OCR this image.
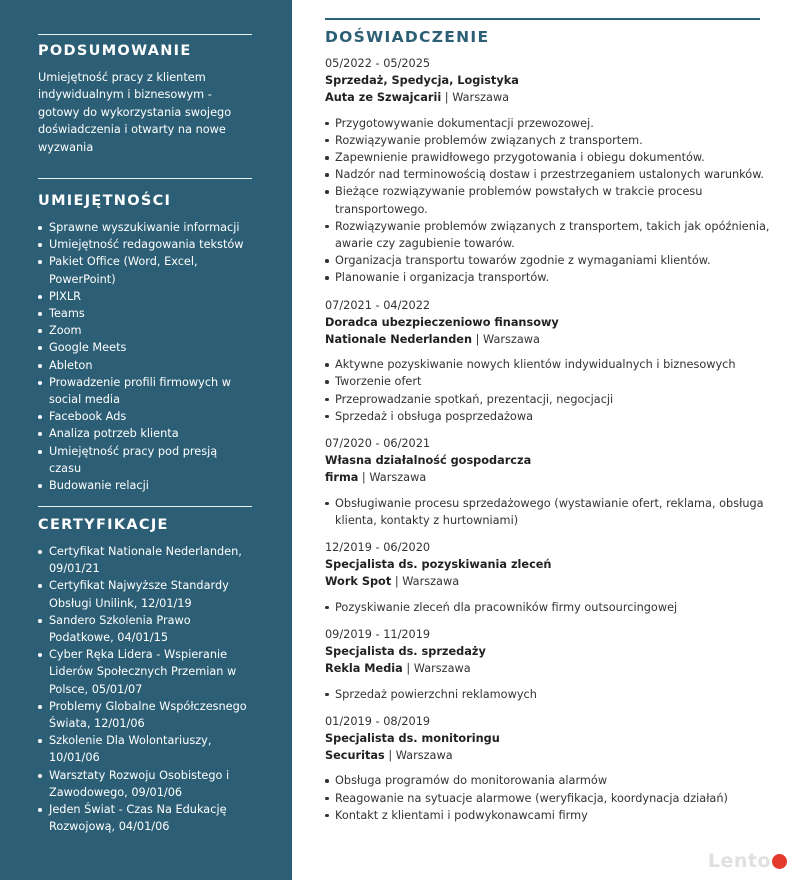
PODSUMOWANIE

Umiejętność pracy z klientem indywidualnym i biznesowym - gotowy do wykorzystania swojego doświadczenia i otwarty na nowe wyzwania

UMIEJĘTNOŚCI
Sprawne wyszukiwanie informacji
Umiejętność redagowania tekstów
Pakiet Office (Word, Excel, PowerPoint)
PIXLR
Teams
Zoom
Google Meets
Ableton
Prowadzenie profili firmowych w social media
Facebook Ads
Analiza potrzeb klienta
Umiejętność pracy pod presją czasu
Budowanie relacji
CERTYFIKACJE
Certyfikat Nationale Nederlanden, 09/01/21
Certyfikat Najwyższe Standardy Obsługi Unilink, 12/01/19
Sandero Szkolenia Prawo Podatkowe, 04/01/15
Cyber Ręka Lidera - Wspieranie Liderów Społecznych Przemian w Polsce, 05/01/07
Problemy Globalne Współczesnego Świata, 12/01/06
Szkolenie Dla Wolontariuszy, 10/01/06
Warsztaty Rozwoju Osobistego i Zawodowego, 09/01/06
Jeden Świat - Czas Na Edukację Rozwojową, 04/01/06
DOŚWIADCZENIE
05/2022 - 05/2025
Sprzedaż, Spedycja, Logistyka
Auta ze Szwajcarii | Warszawa
Przygotowywanie dokumentacji przewozowej.
Rozwiązywanie problemów związanych z transportem.
Zapewnienie prawidłowego przygotowania i obiegu dokumentów.
Nadzór nad terminowością dostaw i przestrzeganiem ustalonych warunków.
Bieżące rozwiązywanie problemów powstałych w trakcie procesu transportowego.
Rozwiązywanie problemów związanych z transportem, takich jak opóźnienia, awarie czy zagubienie towarów.
Organizacja transportu towarów zgodnie z wymaganiami klientów.
Planowanie i organizacja transportów.
07/2021 - 04/2022
Doradca ubezpieczeniowo finansowy
Nationale Nederlanden | Warszawa
Aktywne pozyskiwanie nowych klientów indywidualnych i biznesowych
Tworzenie ofert
Przeprowadzanie spotkań, prezentacji, negocjacji
Sprzedaż i obsługa posprzedażowa
07/2020 - 06/2021
Własna działalność gospodarcza
firma | Warszawa
Obsługiwanie procesu sprzedażowego (wystawianie ofert, reklama, obsługa klienta, kontakty z hurtowniami)
12/2019 - 06/2020
Specjalista ds. pozyskiwania zleceń
Work Spot | Warszawa
Pozyskiwanie zleceń dla pracowników firmy outsourcingowej
09/2019 - 11/2019
Specjalista ds. sprzedaży
Rekla Media | Warszawa
Sprzedaż powierzchni reklamowych
01/2019 - 08/2019
Specjalista ds. monitoringu
Securitas | Warszawa
Obsługa programów do monitorowania alarmów
Reagowanie na sytuacje alarmowe (weryfikacja, koordynacja działań)
Kontakt z klientami i podwykonawcami firmy
Lento
